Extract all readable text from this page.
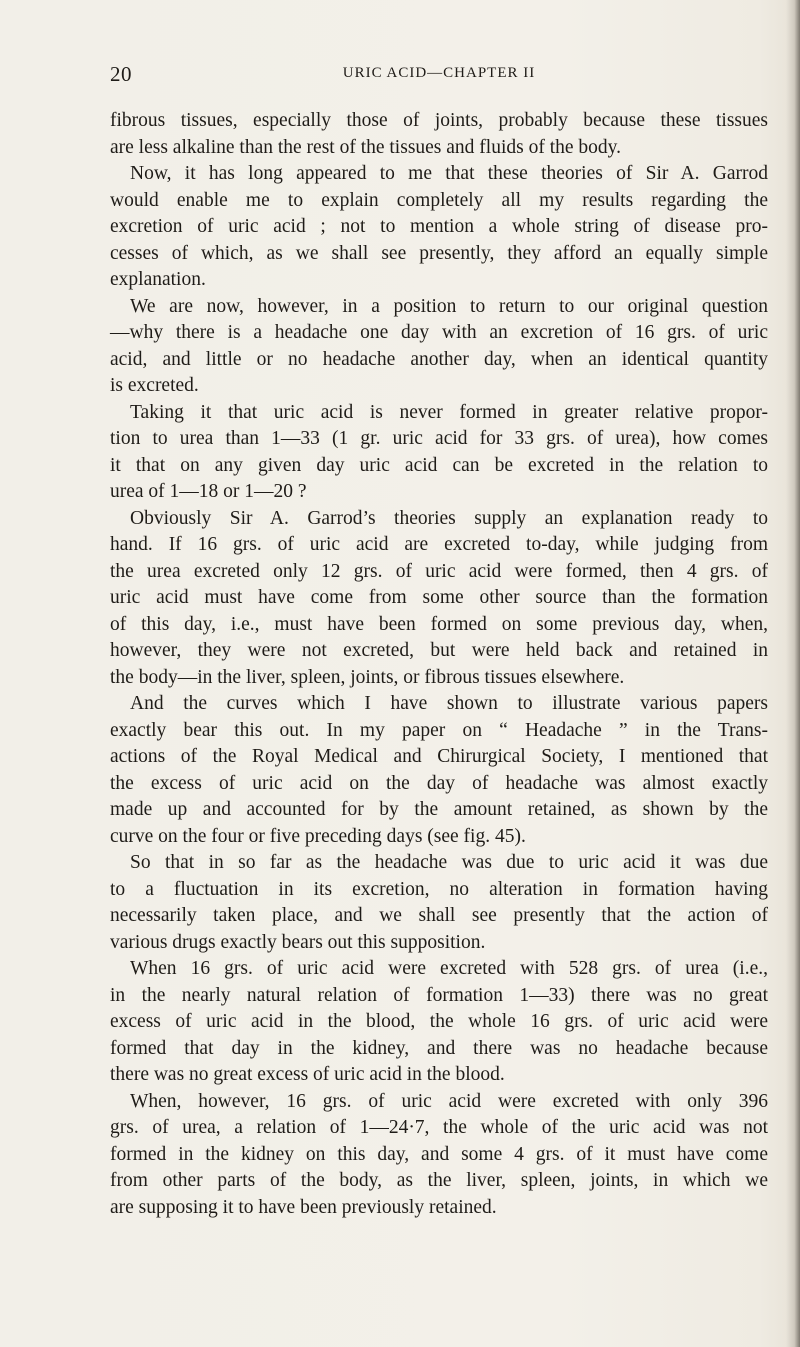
20	URIC ACID—CHAPTER II
fibrous tissues, especially those of joints, probably because these tissues
are less alkaline than the rest of the tissues and fluids of the body.
Now, it has long appeared to me that these theories of Sir A. Garrod
would enable me to explain completely all my results regarding the
excretion of uric acid ; not to mention a whole string of disease pro-
cesses of which, as we shall see presently, they afford an equally simple
explanation.
We are now, however, in a position to return to our original question
—why there is a headache one day with an excretion of 16 grs. of uric
acid, and little or no headache another day, when an identical quantity
is excreted.
Taking it that uric acid is never formed in greater relative propor-
tion to urea than 1—33 (1 gr. uric acid for 33 grs. of urea), how comes
it that on any given day uric acid can be excreted in the relation to
urea of 1—18 or 1—20 ?
Obviously Sir A. Garrod’s theories supply an explanation ready to
hand. If 16 grs. of uric acid are excreted to-day, while judging from
the urea excreted only 12 grs. of uric acid were formed, then 4 grs. of
uric acid must have come from some other source than the formation
of this day, i.e., must have been formed on some previous day, when,
however, they were not excreted, but were held back and retained in
the body—in the liver, spleen, joints, or fibrous tissues elsewhere.
And the curves which I have shown to illustrate various papers
exactly bear this out. In my paper on “ Headache ” in the Trans-
actions of the Royal Medical and Chirurgical Society, I mentioned that
the excess of uric acid on the day of headache was almost exactly
made up and accounted for by the amount retained, as shown by the
curve on the four or five preceding days (see fig. 45).
So that in so far as the headache was due to uric acid it was due
to a fluctuation in its excretion, no alteration in formation having
necessarily taken place, and we shall see presently that the action of
various drugs exactly bears out this supposition.
When 16 grs. of uric acid were excreted with 528 grs. of urea (i.e.,
in the nearly natural relation of formation 1—33) there was no great
excess of uric acid in the blood, the whole 16 grs. of uric acid were
formed that day in the kidney, and there was no headache because
there was no great excess of uric acid in the blood.
When, however, 16 grs. of uric acid were excreted with only 396
grs. of urea, a relation of 1—24·7, the whole of the uric acid was not
formed in the kidney on this day, and some 4 grs. of it must have come
from other parts of the body, as the liver, spleen, joints, in which we
are supposing it to have been previously retained.
